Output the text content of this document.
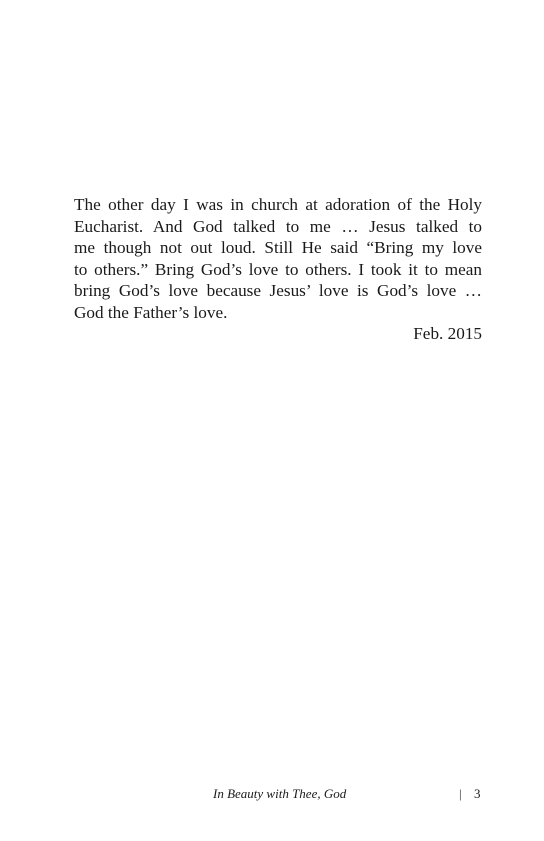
The other day I was in church at adoration of the Holy
Eucharist. And God talked to me … Jesus talked to
me though not out loud. Still He said “Bring my love
to others.” Bring God’s love to others. I took it to mean
bring God’s love because Jesus’ love is God’s love …
God the Father’s love.
Feb. 2015
In Beauty with Thee, God	| 3
